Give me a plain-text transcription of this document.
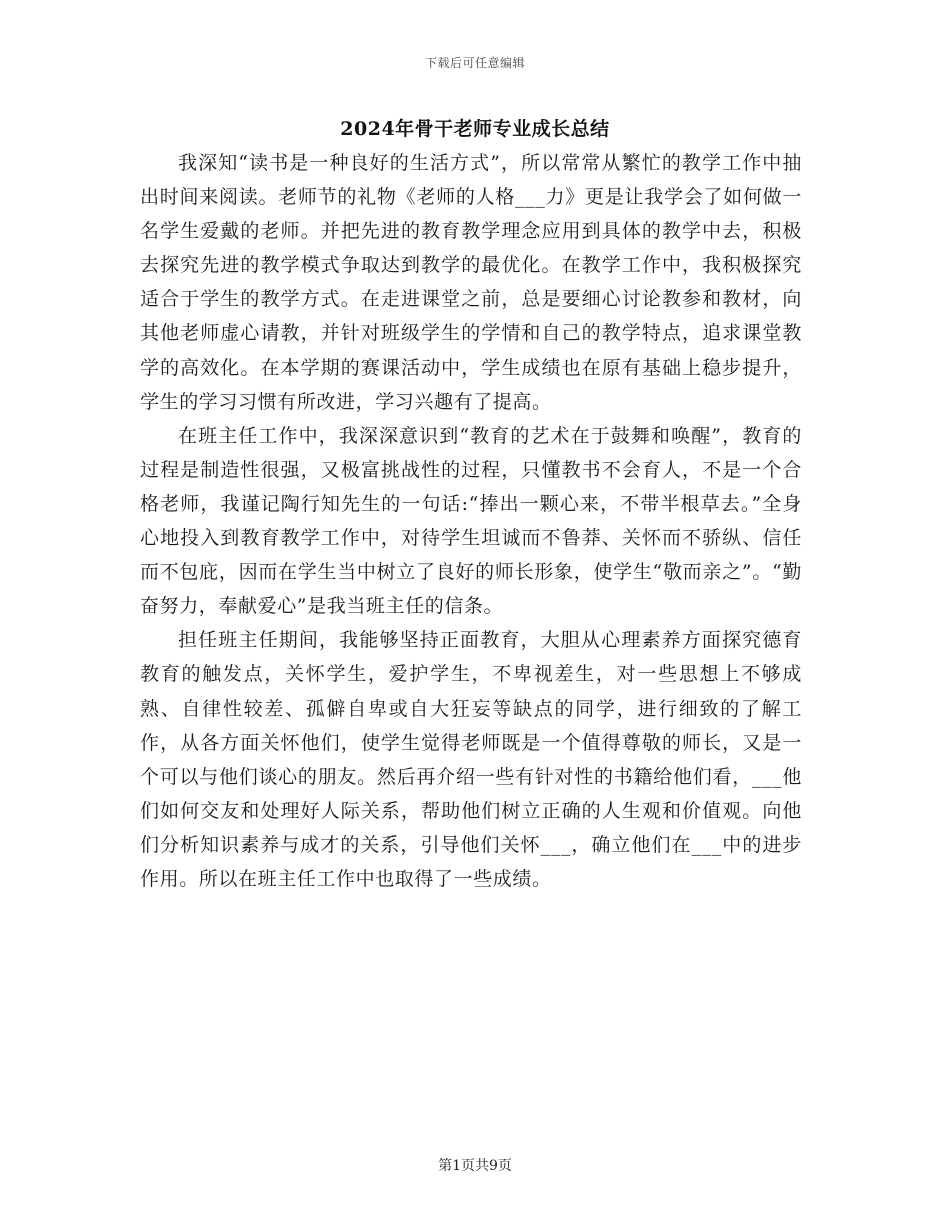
下载后可任意编辑
2024年骨干老师专业成长总结

我深知“读书是一种良好的生活方式”，所以常常从繁忙的教学工作中抽出时间来阅读。老师节的礼物《老师的人格___力》更是让我学会了如何做一名学生爱戴的老师。并把先进的教育教学理念应用到具体的教学中去，积极去探究先进的教学模式争取达到教学的最优化。在教学工作中，我积极探究适合于学生的教学方式。在走进课堂之前，总是要细心讨论教参和教材，向其他老师虚心请教，并针对班级学生的学情和自己的教学特点，追求课堂教学的高效化。在本学期的赛课活动中，学生成绩也在原有基础上稳步提升，学生的学习习惯有所改进，学习兴趣有了提高。

在班主任工作中，我深深意识到“教育的艺术在于鼓舞和唤醒”，教育的过程是制造性很强，又极富挑战性的过程，只懂教书不会育人，不是一个合格老师，我谨记陶行知先生的一句话:“捧出一颗心来，不带半根草去。”全身心地投入到教育教学工作中，对待学生坦诚而不鲁莽、关怀而不骄纵、信任而不包庇，因而在学生当中树立了良好的师长形象，使学生“敬而亲之”。“勤奋努力，奉献爱心”是我当班主任的信条。

担任班主任期间，我能够坚持正面教育，大胆从心理素养方面探究德育教育的触发点，关怀学生，爱护学生，不卑视差生，对一些思想上不够成熟、自律性较差、孤僻自卑或自大狂妄等缺点的同学，进行细致的了解工作，从各方面关怀他们，使学生觉得老师既是一个值得尊敬的师长，又是一个可以与他们谈心的朋友。然后再介绍一些有针对性的书籍给他们看，___他们如何交友和处理好人际关系，帮助他们树立正确的人生观和价值观。向他们分析知识素养与成才的关系，引导他们关怀___，确立他们在___中的进步作用。所以在班主任工作中也取得了一些成绩。

第1页共9页
